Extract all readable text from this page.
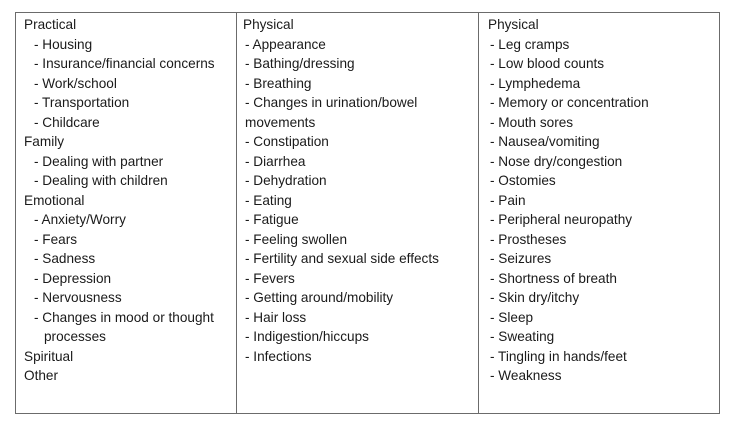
Practical
- Housing
- Insurance/financial concerns
- Work/school
- Transportation
- Childcare
Family
- Dealing with partner
- Dealing with children
Emotional
- Anxiety/Worry
- Fears
- Sadness
- Depression
- Nervousness
- Changes in mood or thought processes
Spiritual
Other
Physical
- Appearance
- Bathing/dressing
- Breathing
- Changes in urination/bowel movements
- Constipation
- Diarrhea
- Dehydration
- Eating
- Fatigue
- Feeling swollen
- Fertility and sexual side effects
- Fevers
- Getting around/mobility
- Hair loss
- Indigestion/hiccups
- Infections
Physical
- Leg cramps
- Low blood counts
- Lymphedema
- Memory or concentration
- Mouth sores
- Nausea/vomiting
- Nose dry/congestion
- Ostomies
- Pain
- Peripheral neuropathy
- Prostheses
- Seizures
- Shortness of breath
- Skin dry/itchy
- Sleep
- Sweating
- Tingling in hands/feet
- Weakness
